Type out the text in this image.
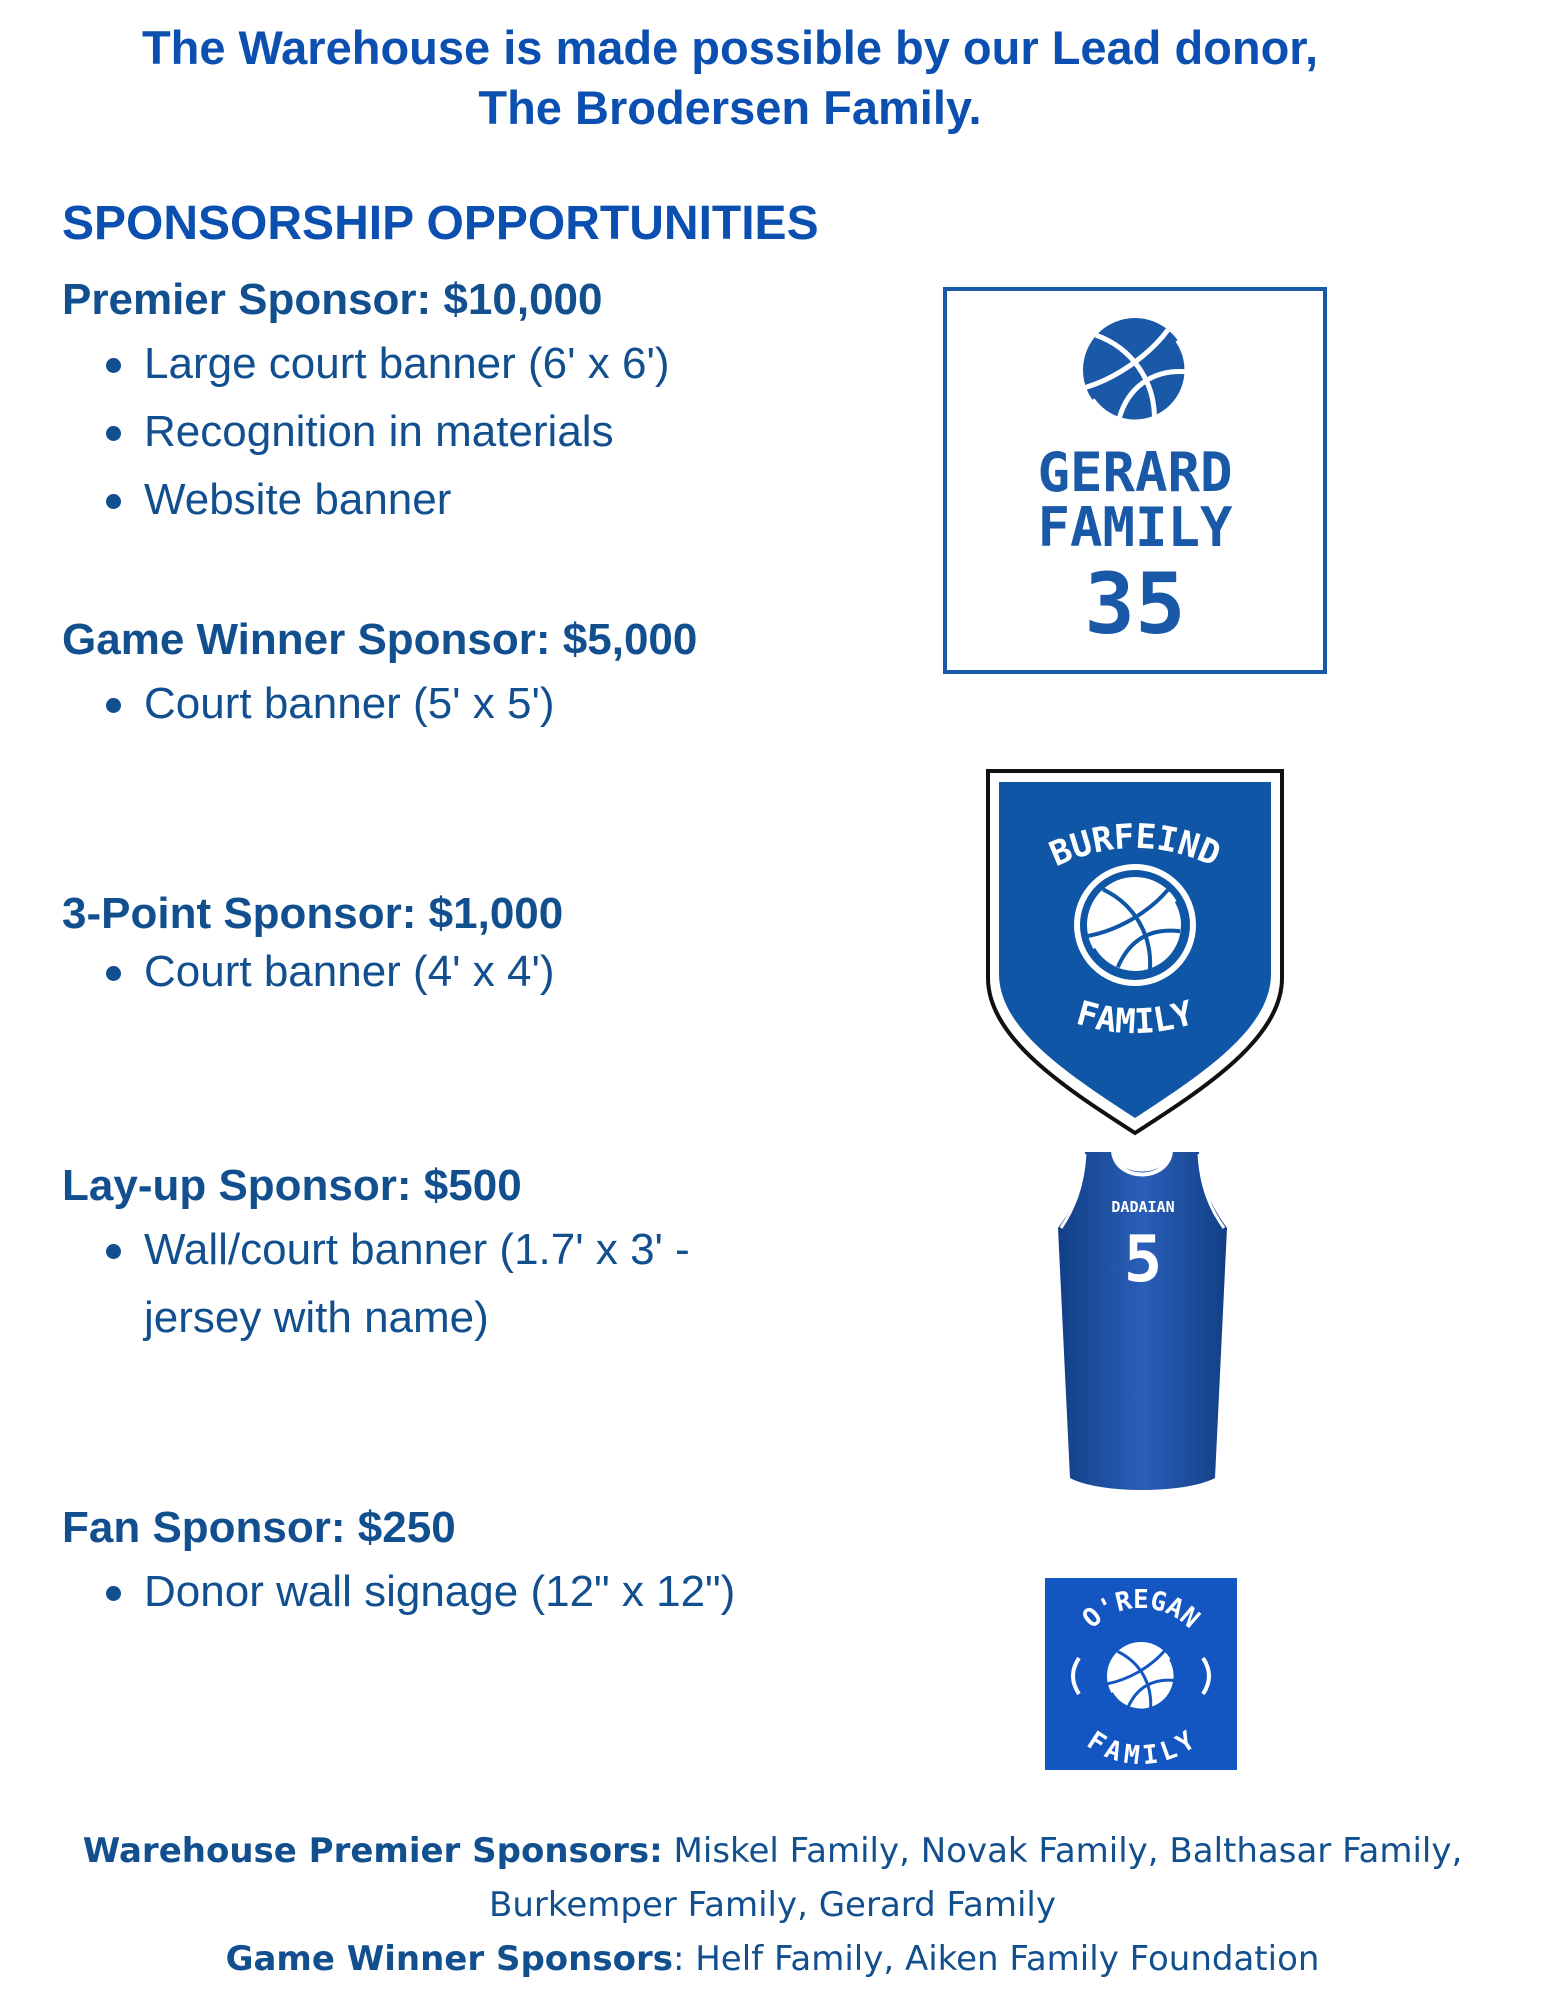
The Warehouse is made possible by our Lead donor,
The Brodersen Family.
SPONSORSHIP OPPORTUNITIES
Premier Sponsor: $10,000
Large court banner (6' x 6')
Recognition in materials
Website banner
Game Winner Sponsor: $5,000
Court banner (5' x 5')
3-Point Sponsor: $1,000
Court banner (4' x 4')
Lay-up Sponsor: $500
Wall/court banner (1.7' x 3' -
jersey with name)
Fan Sponsor: $250
Donor wall signage (12" x 12")
GERARD
FAMILY
35
BURFEIND
FAMILY
DADAIAN
5
O'REGAN
FAMILY
Warehouse Premier Sponsors: Miskel Family, Novak Family, Balthasar Family,
Burkemper Family, Gerard Family
Game Winner Sponsors: Helf Family, Aiken Family Foundation
